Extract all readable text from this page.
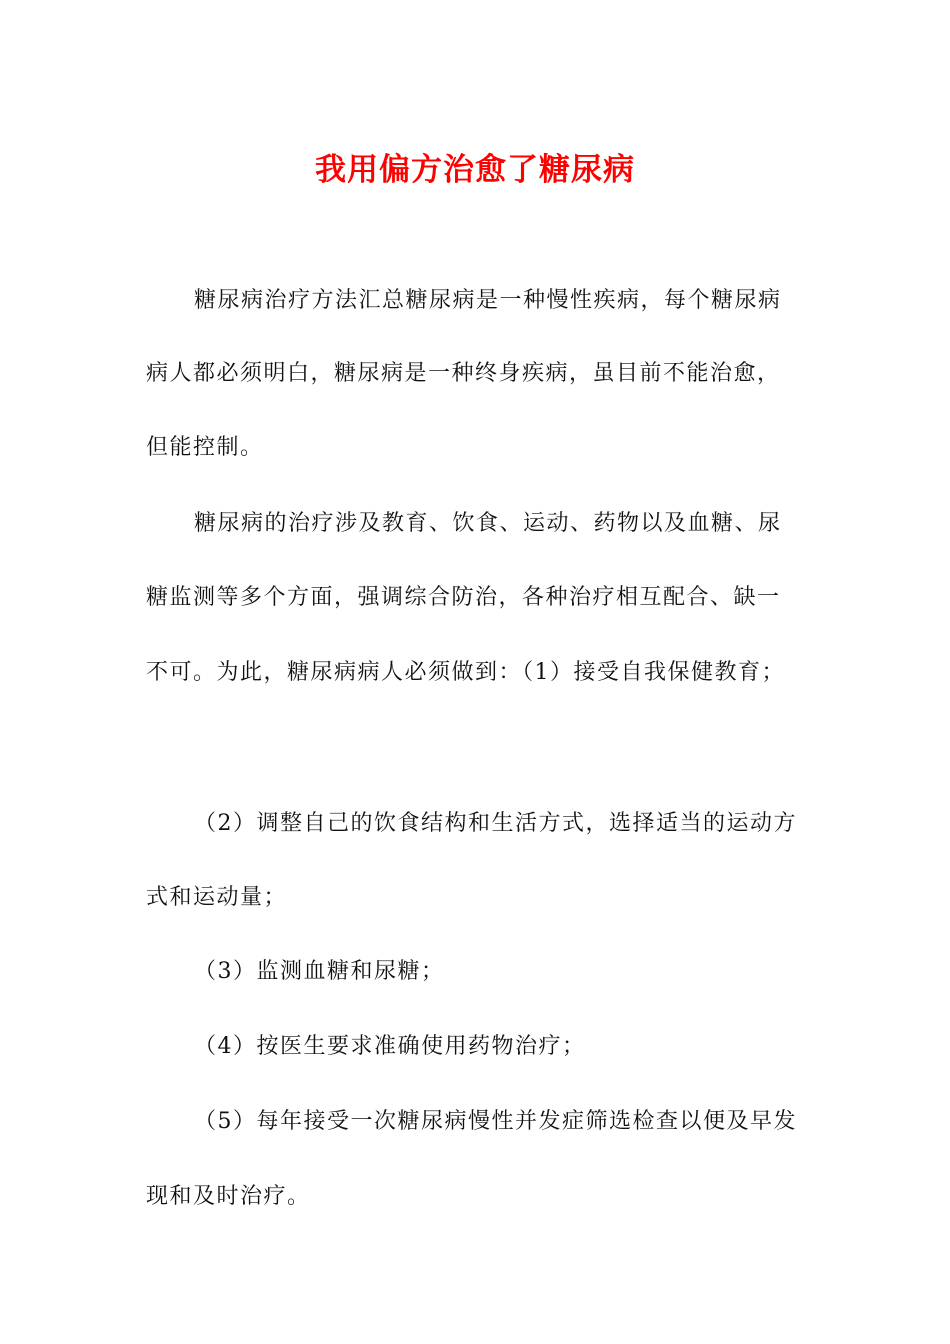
我用偏方治愈了糖尿病
糖尿病治疗方法汇总糖尿病是一种慢性疾病，每个糖尿病
病人都必须明白，糖尿病是一种终身疾病，虽目前不能治愈，
但能控制。
糖尿病的治疗涉及教育、饮食、运动、药物以及血糖、尿
糖监测等多个方面，强调综合防治，各种治疗相互配合、缺一
不可。为此，糖尿病病人必须做到：（1）接受自我保健教育；
（2）调整自己的饮食结构和生活方式，选择适当的运动方
式和运动量；
（3）监测血糖和尿糖；
（4）按医生要求准确使用药物治疗；
（5）每年接受一次糖尿病慢性并发症筛选检查以便及早发
现和及时治疗。
